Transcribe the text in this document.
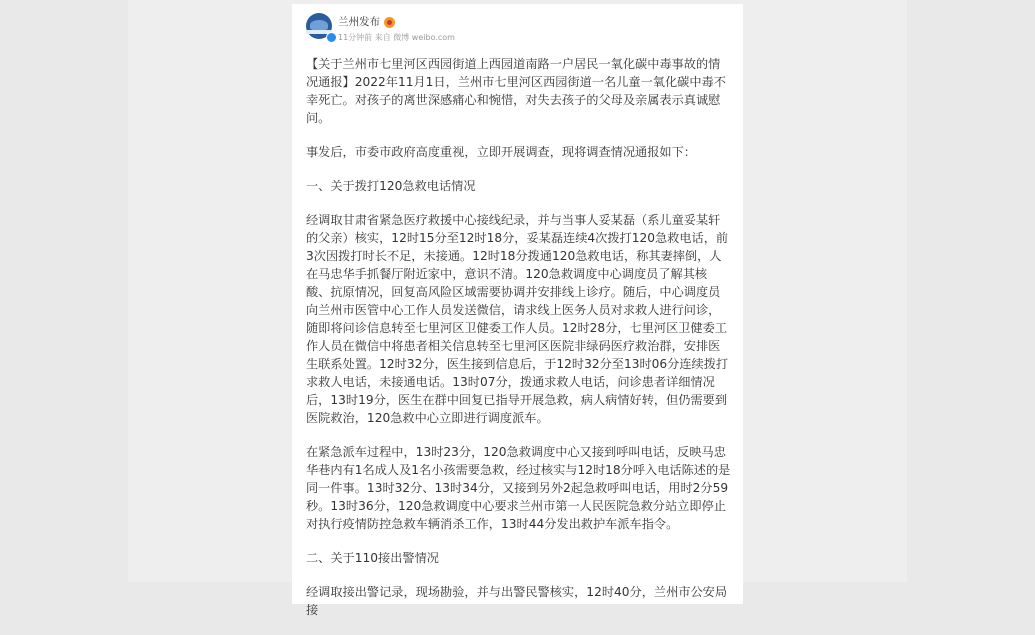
兰州发布
11分钟前 来自 微博 weibo.com

【关于兰州市七里河区西园街道上西园道南路一户居民一氧化碳中毒事故的情况通报】2022年11月1日，兰州市七里河区西园街道一名儿童一氧化碳中毒不幸死亡。对孩子的离世深感痛心和惋惜，对失去孩子的父母及亲属表示真诚慰问。

事发后，市委市政府高度重视，立即开展调查，现将调查情况通报如下：

一、关于拨打120急救电话情况

经调取甘肃省紧急医疗救援中心接线纪录，并与当事人妥某磊（系儿童妥某轩的父亲）核实，12时15分至12时18分，妥某磊连续4次拨打120急救电话，前3次因拨打时长不足，未接通。12时18分拨通120急救电话，称其妻摔倒，人在马忠华手抓餐厅附近家中，意识不清。120急救调度中心调度员了解其核酸、抗原情况，回复高风险区域需要协调并安排线上诊疗。随后，中心调度员向兰州市医管中心工作人员发送微信，请求线上医务人员对求救人进行问诊，随即将问诊信息转至七里河区卫健委工作人员。12时28分，七里河区卫健委工作人员在微信中将患者相关信息转至七里河区医院非绿码医疗救治群，安排医生联系处置。12时32分，医生接到信息后，于12时32分至13时06分连续拨打求救人电话，未接通电话。13时07分，拨通求救人电话，问诊患者详细情况后，13时19分，医生在群中回复已指导开展急救，病人病情好转，但仍需要到医院救治，120急救中心立即进行调度派车。

在紧急派车过程中，13时23分，120急救调度中心又接到呼叫电话，反映马忠华巷内有1名成人及1名小孩需要急救，经过核实与12时18分呼入电话陈述的是同一件事。13时32分、13时34分，又接到另外2起急救呼叫电话，用时2分59秒。13时36分，120急救调度中心要求兰州市第一人民医院急救分站立即停止对执行疫情防控急救车辆消杀工作，13时44分发出救护车派车指令。

二、关于110接出警情况

经调取接出警记录，现场勘验，并与出警民警核实，12时40分，兰州市公安局接
